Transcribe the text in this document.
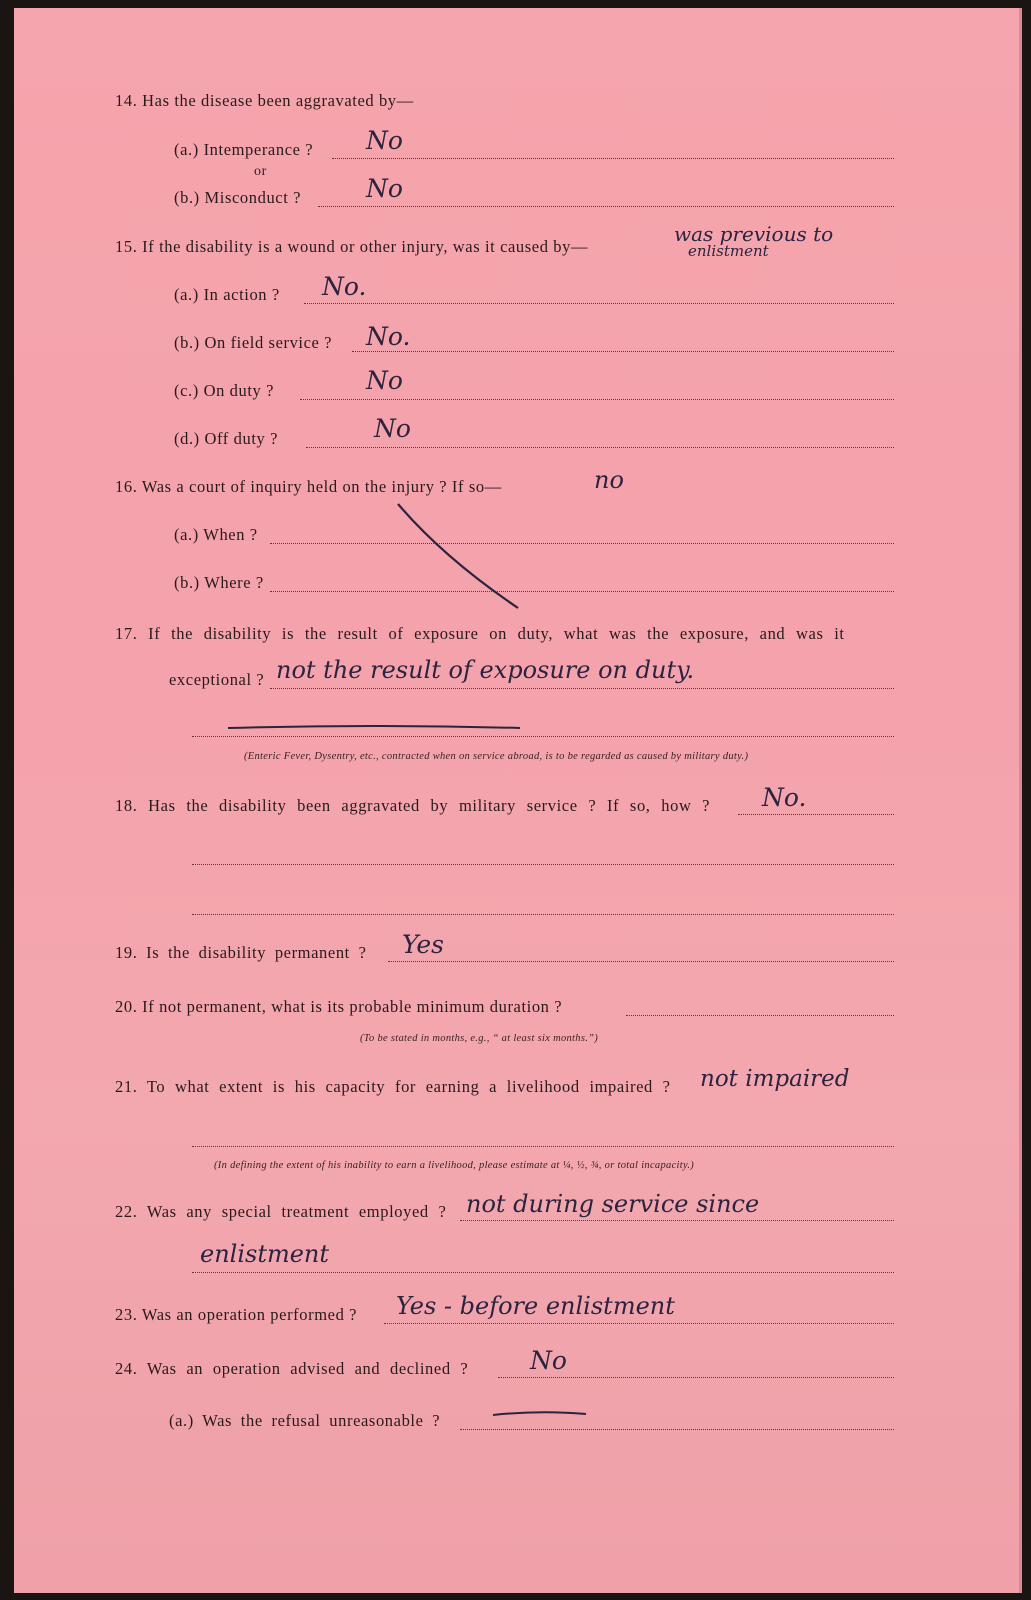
14. Has the disease been aggravated by—
(a.) Intemperance ? No
or
(b.) Misconduct ?	No
15. If the disability is a wound or other injury, was it caused by—
was previous to
enlistment
(a.) In action ? No.
(b.) On field service ? No.
(c.) On duty ?	No
(d.) Off duty ?	No
16. Was a court of inquiry held on the injury ? If so—	no
(a.) When ?
(b.) Where ?
17. If the disability is the result of exposure on duty, what was the exposure, and was it
exceptional ? not the result of exposure on duty.
(Enteric Fever, Dysentry, etc., contracted when on service abroad, is to be regarded as caused by military duty.)
18. Has the disability been aggravated by military service ? If so, how ? No.
19. Is the disability permanent ? Yes
20. If not permanent, what is its probable minimum duration ?
(To be stated in months, e.g., “ at least six months.”)
21. To what extent is his capacity for earning a livelihood impaired ? not impaired
(In defining the extent of his inability to earn a livelihood, please estimate at ¼, ½, ¾, or total incapacity.)
22. Was any special treatment employed ? not during service since
enlistment
23. Was an operation performed ? Yes - before enlistment
24. Was an operation advised and declined ? No
(a.) Was the refusal unreasonable ?
